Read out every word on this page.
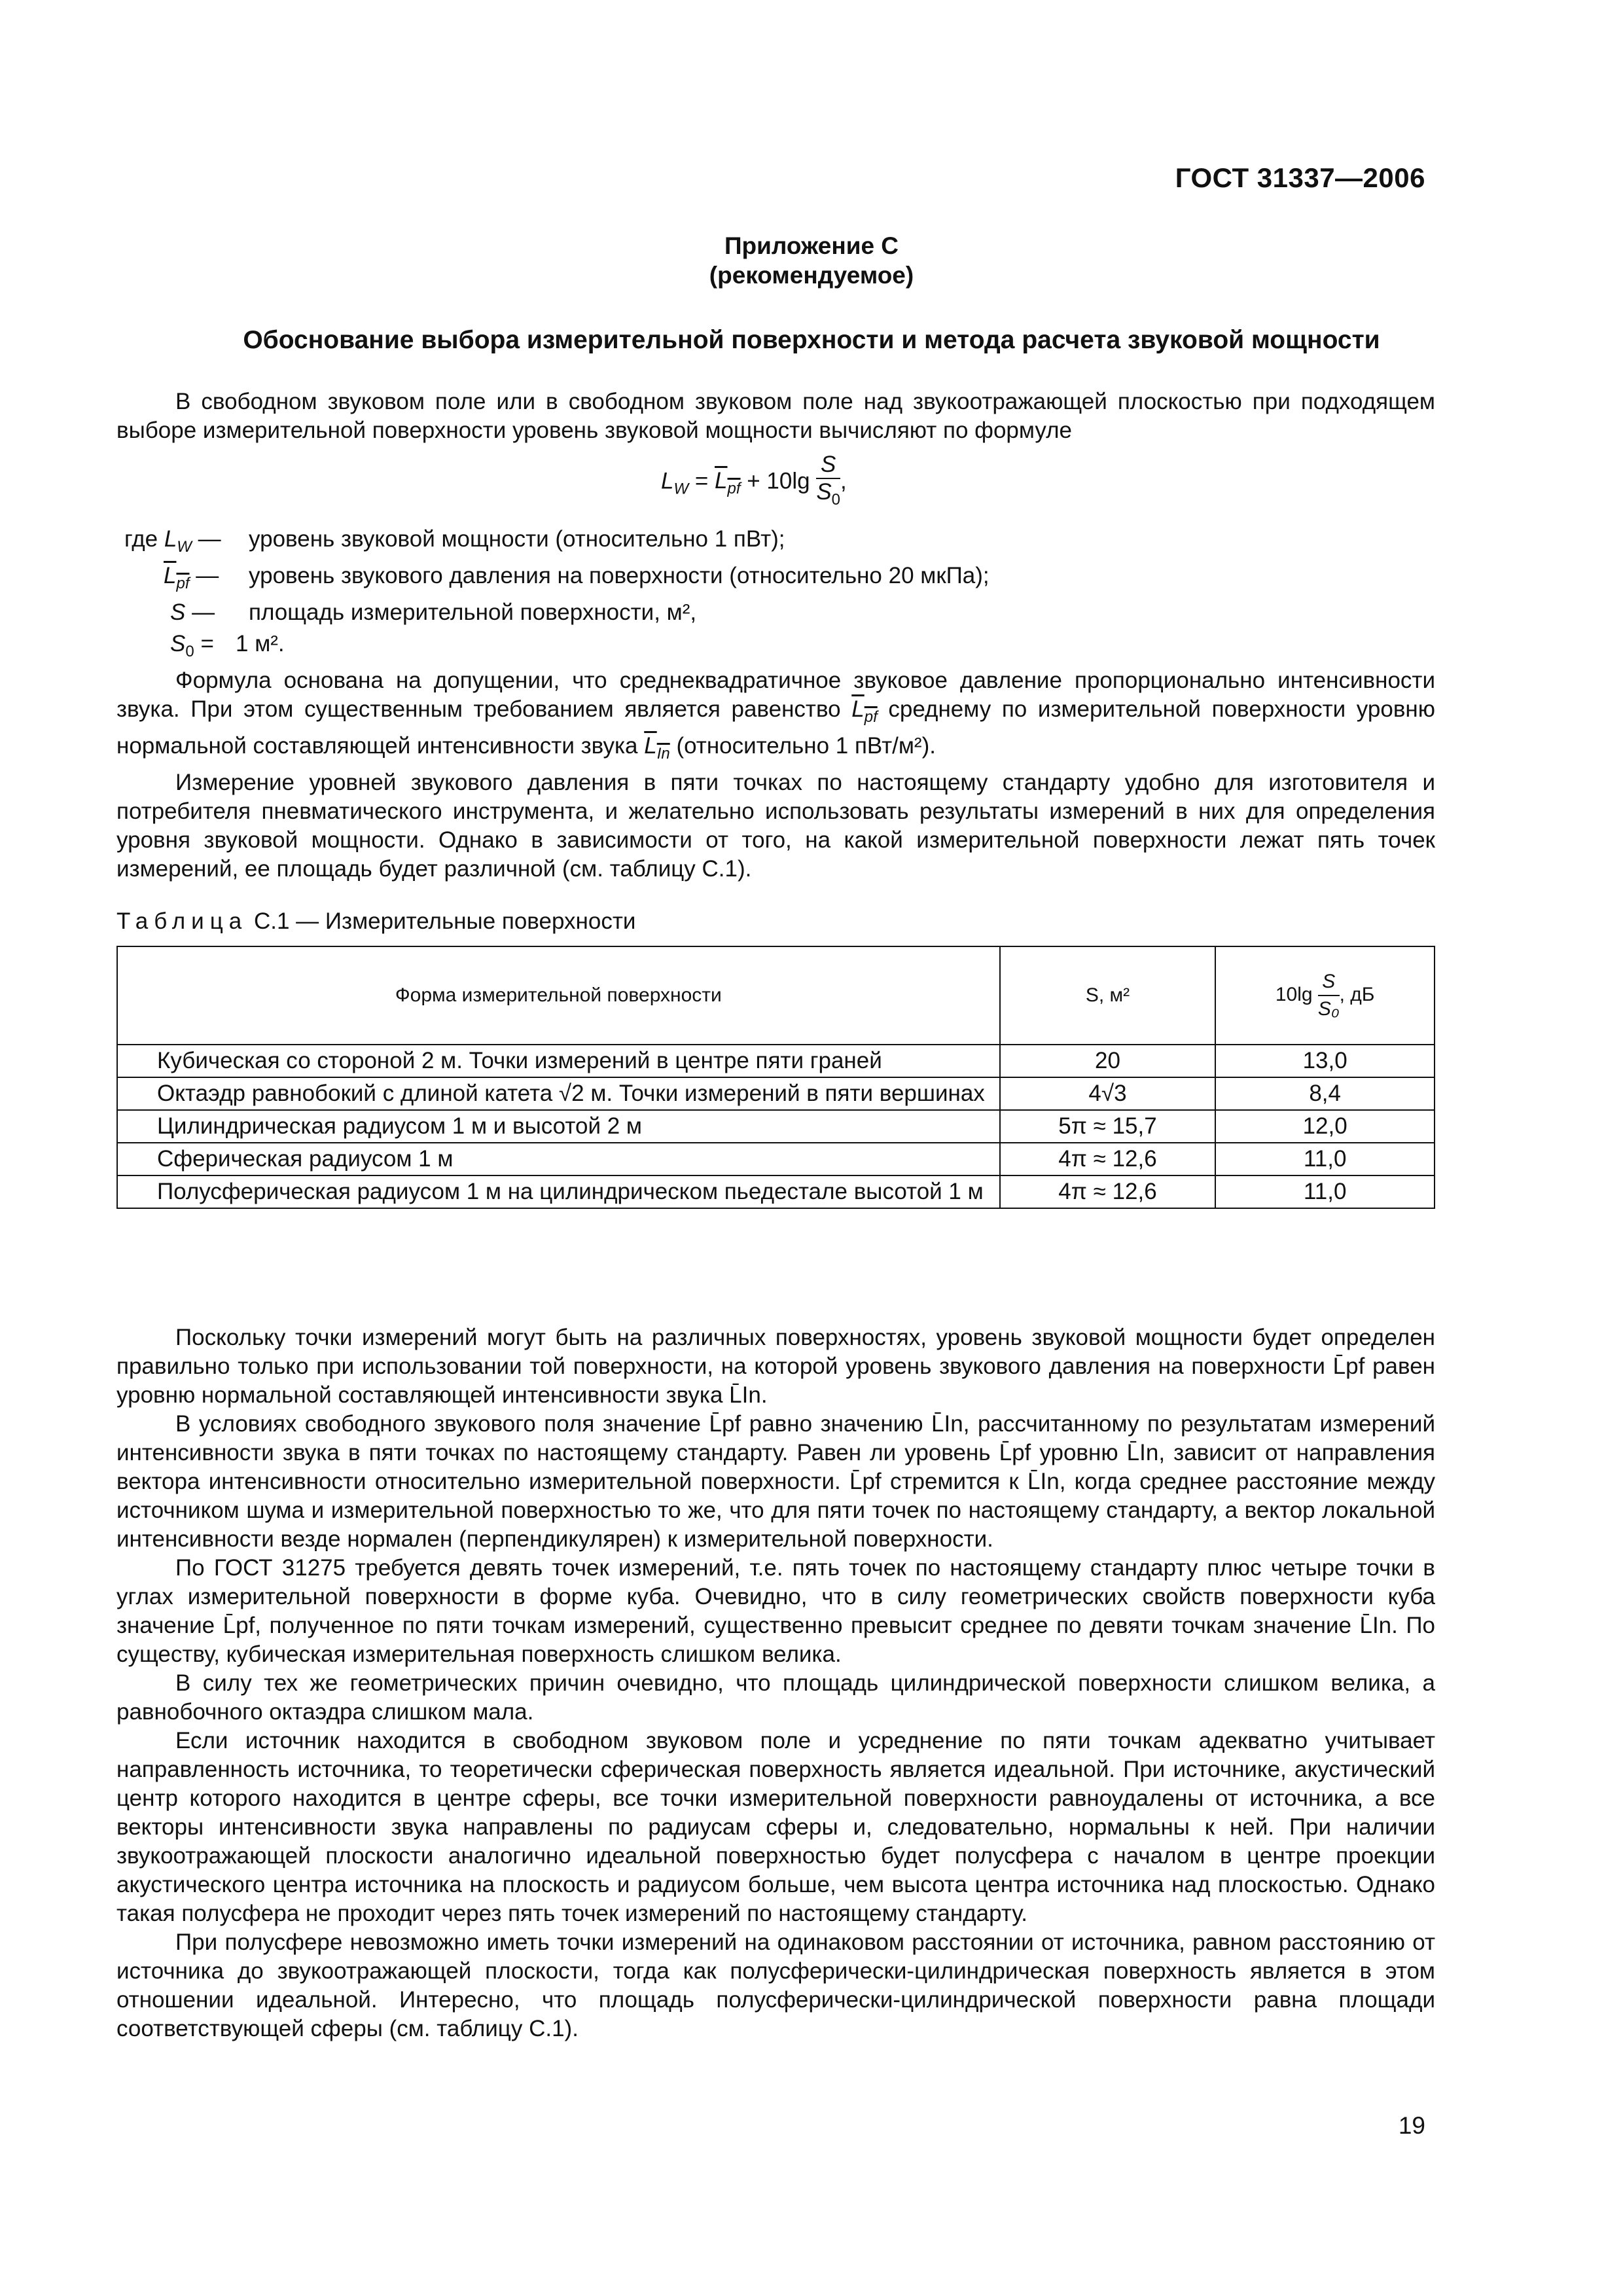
ГОСТ 31337—2006
Приложение C
(рекомендуемое)
Обоснование выбора измерительной поверхности и метода расчета звуковой мощности

В свободном звуковом поле или в свободном звуковом поле над звукоотражающей плоскостью при подходящем выборе измерительной поверхности уровень звуковой мощности вычисляют по формуле

$L_W = L_{pf} + 10\lg \frac{S}{S_0}$ ,
где $L_W$ — уровень звуковой мощности (относительно 1 пВт);
$L_{pf}$ — уровень звукового давления на поверхности (относительно 20 мкПа);
S — площадь измерительной поверхности, м²,
$S_0 = 1$ м².

Формула основана на допущении, что среднеквадратичное звуковое давление пропорционально интенсивности звука. При этом существенным требованием является равенство $L_{pf}$ среднему по измерительной поверхности уровню нормальной составляющей интенсивности звука $L_{In}$ (относительно 1 пВт/м²).

Измерение уровней звукового давления в пяти точках по настоящему стандарту удобно для изготовителя и потребителя пневматического инструмента, и желательно использовать результаты измерений в них для определения уровня звуковой мощности. Однако в зависимости от того, на какой измерительной поверхности лежат пять точек измерений, ее площадь будет различной (см. таблицу C.1).

Таблица C.1 — Измерительные поверхности
Форма измерительной поверхности	S, м²	$10\lg \frac{S}{\text{S₀}}$ , дБ
Кубическая со стороной 2 м. Точки измерений в центре пяти граней	20	13,0
Октаэдр равнобокий с длиной катета √2 м. Точки измерений в пяти вершинах	4√3	8,4
Цилиндрическая радиусом 1 м и высотой 2 м	5π ≈ 15,7	12,0
Сферическая радиусом 1 м	4π ≈ 12,6	11,0
Полусферическая радиусом 1 м на цилиндрическом пьедестале высотой 1 м	4π ≈ 12,6	11,0

Поскольку точки измерений могут быть на различных поверхностях, уровень звуковой мощности будет определен правильно только при использовании той поверхности, на которой уровень звукового давления на поверхности L̄pf равен уровню нормальной составляющей интенсивности звука L̄In.

В условиях свободного звукового поля значение L̄pf равно значению L̄In, рассчитанному по результатам измерений интенсивности звука в пяти точках по настоящему стандарту. Равен ли уровень L̄pf уровню L̄In, зависит от направления вектора интенсивности относительно измерительной поверхности. L̄pf стремится к L̄In, когда среднее расстояние между источником шума и измерительной поверхностью то же, что для пяти точек по настоящему стандарту, а вектор локальной интенсивности везде нормален (перпендикулярен) к измерительной поверхности.

По ГОСТ 31275 требуется девять точек измерений, т.е. пять точек по настоящему стандарту плюс четыре точки в углах измерительной поверхности в форме куба. Очевидно, что в силу геометрических свойств поверхности куба значение L̄pf, полученное по пяти точкам измерений, существенно превысит среднее по девяти точкам значение L̄In. По существу, кубическая измерительная поверхность слишком велика.

В силу тех же геометрических причин очевидно, что площадь цилиндрической поверхности слишком велика, а равнобочного октаэдра слишком мала.

Если источник находится в свободном звуковом поле и усреднение по пяти точкам адекватно учитывает направленность источника, то теоретически сферическая поверхность является идеальной. При источнике, акустический центр которого находится в центре сферы, все точки измерительной поверхности равноудалены от источника, а все векторы интенсивности звука направлены по радиусам сферы и, следовательно, нормальны к ней. При наличии звукоотражающей плоскости аналогично идеальной поверхностью будет полусфера с началом в центре проекции акустического центра источника на плоскость и радиусом больше, чем высота центра источника над плоскостью. Однако такая полусфера не проходит через пять точек измерений по настоящему стандарту.

При полусфере невозможно иметь точки измерений на одинаковом расстоянии от источника, равном расстоянию от источника до звукоотражающей плоскости, тогда как полусферически-цилиндрическая поверхность является в этом отношении идеальной. Интересно, что площадь полусферически-цилиндрической поверхности равна площади соответствующей сферы (см. таблицу C.1).

19
